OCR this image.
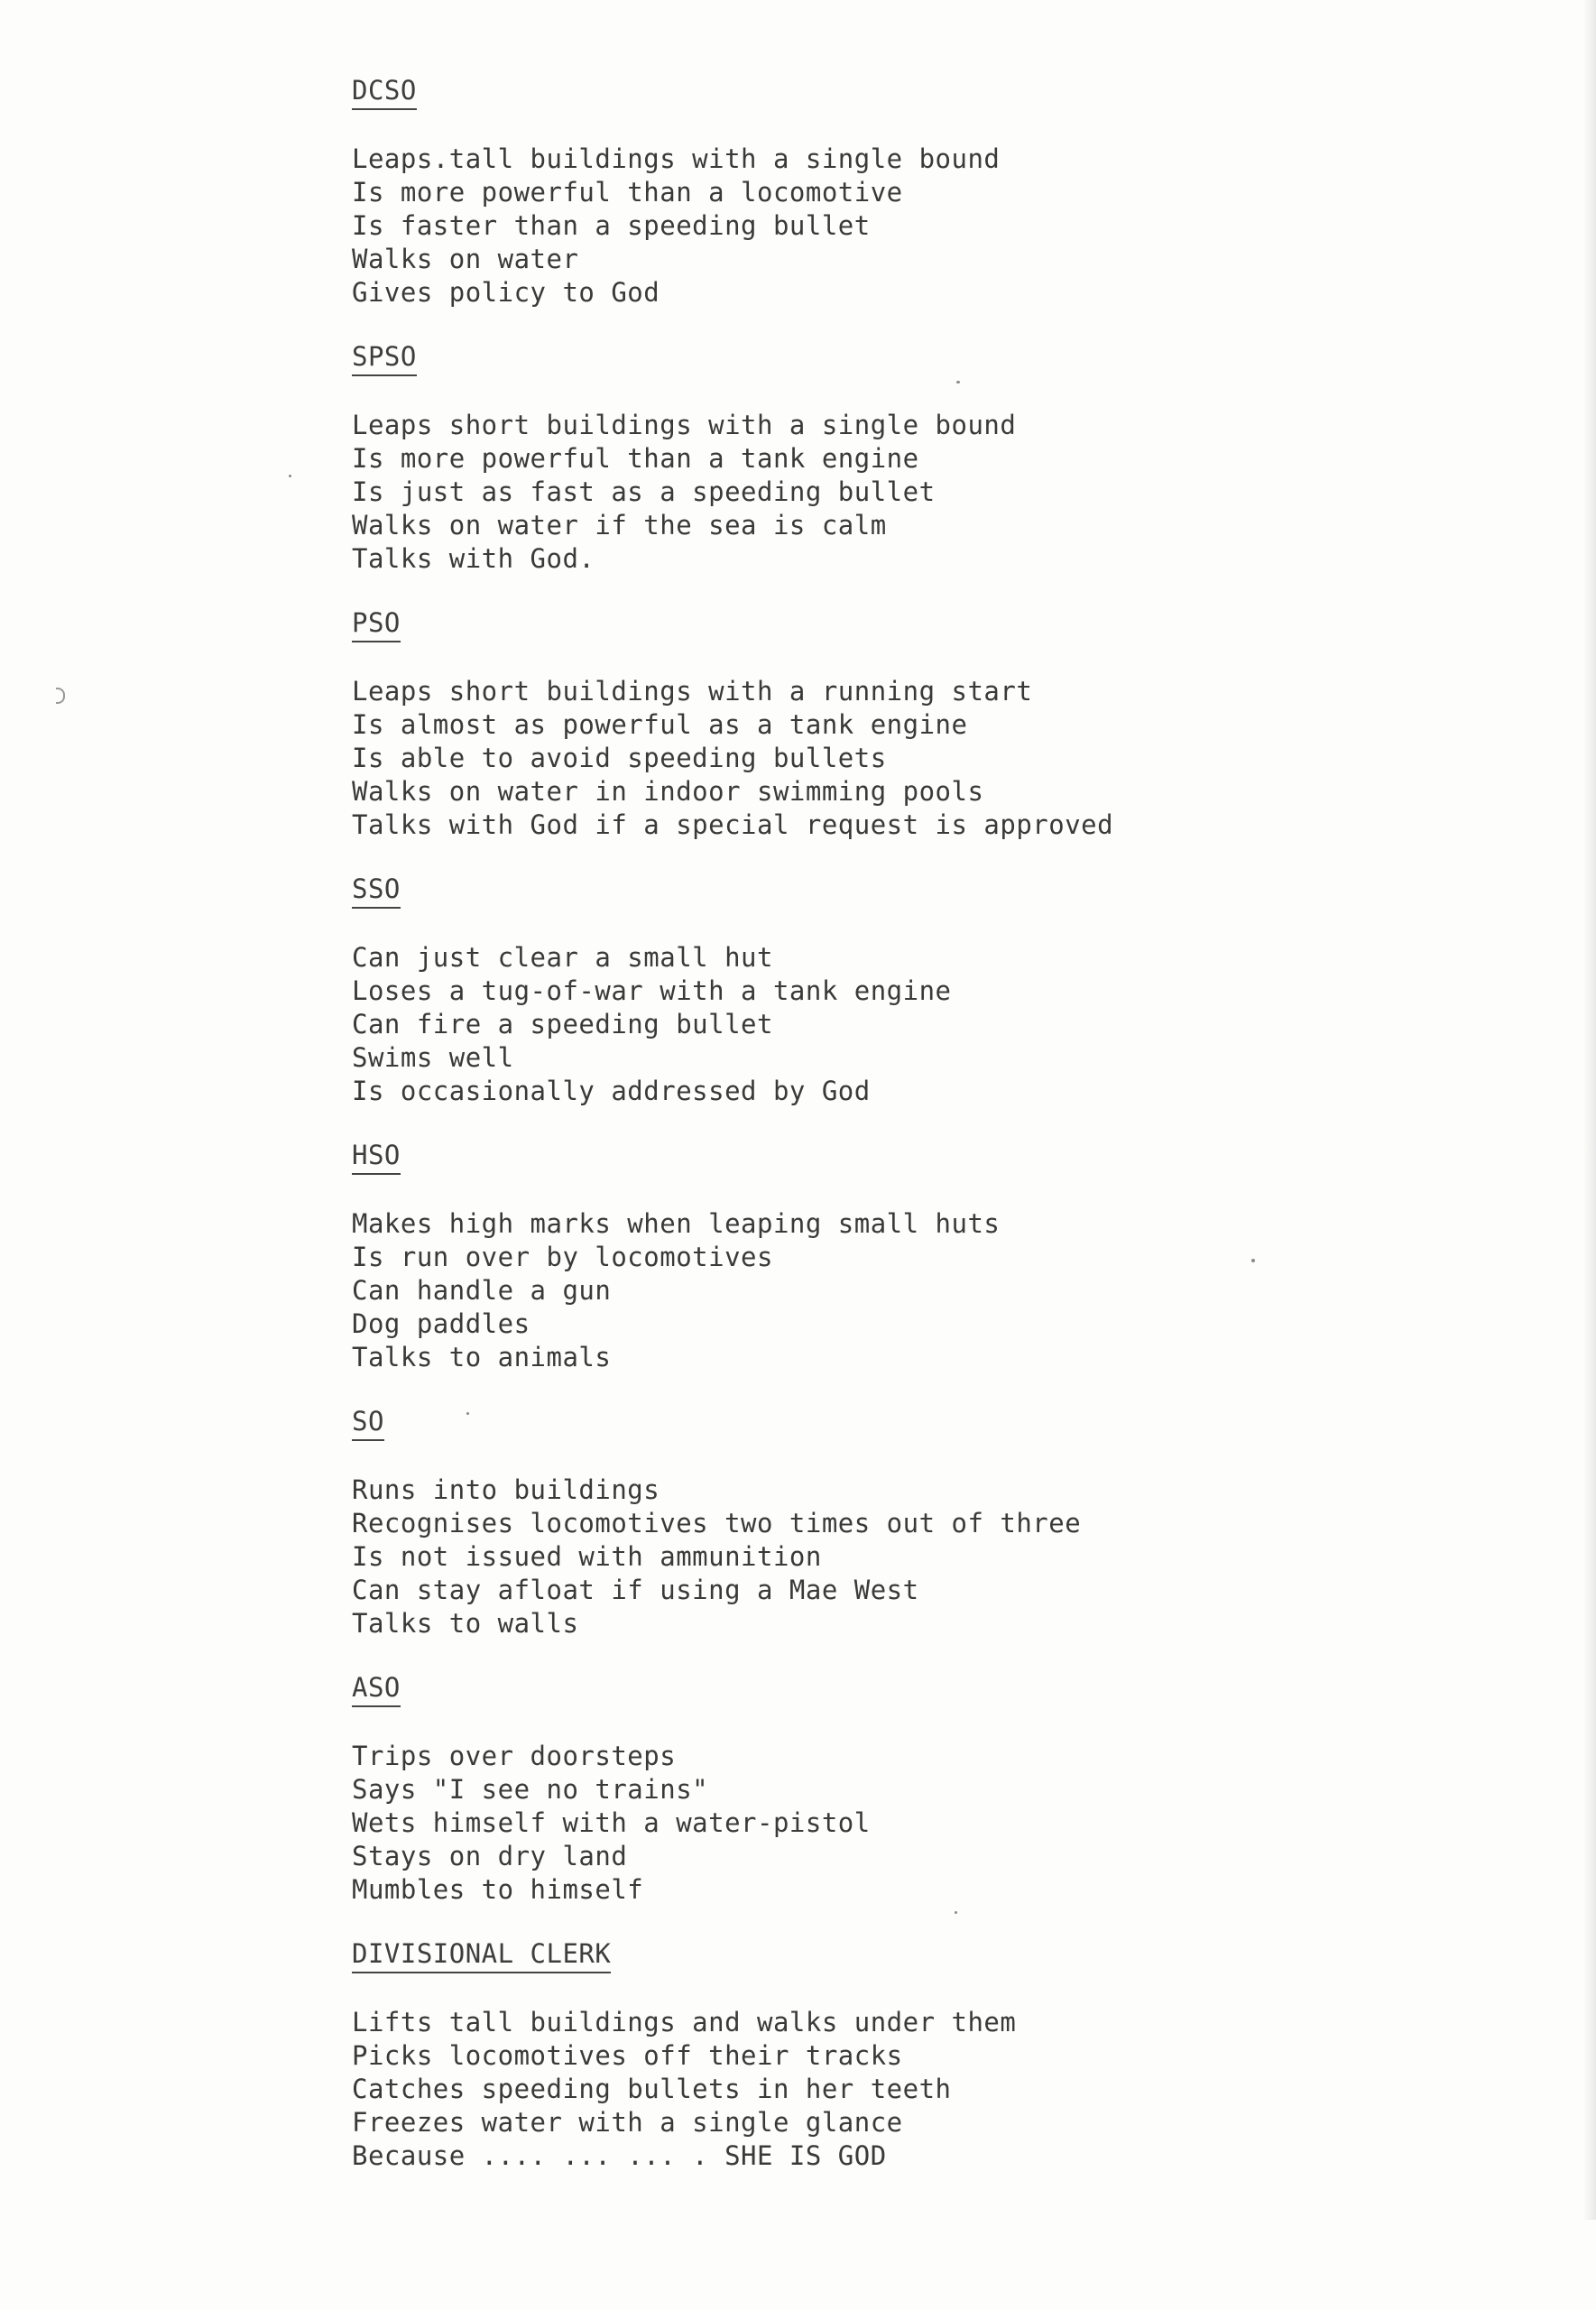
DCSO
Leaps.tall buildings with a single bound
Is more powerful than a locomotive
Is faster than a speeding bullet
Walks on water
Gives policy to God
SPSO
Leaps short buildings with a single bound
Is more powerful than a tank engine
Is just as fast as a speeding bullet
Walks on water if the sea is calm
Talks with God.
PSO
Leaps short buildings with a running start
Is almost as powerful as a tank engine
Is able to avoid speeding bullets
Walks on water in indoor swimming pools
Talks with God if a special request is approved
SSO
Can just clear a small hut
Loses a tug-of-war with a tank engine
Can fire a speeding bullet
Swims well
Is occasionally addressed by God
HSO
Makes high marks when leaping small huts
Is run over by locomotives
Can handle a gun
Dog paddles
Talks to animals
SO
Runs into buildings
Recognises locomotives two times out of three
Is not issued with ammunition
Can stay afloat if using a Mae West
Talks to walls
ASO
Trips over doorsteps
Says "I see no trains"
Wets himself with a water-pistol
Stays on dry land
Mumbles to himself
DIVISIONAL CLERK
Lifts tall buildings and walks under them
Picks locomotives off their tracks
Catches speeding bullets in her teeth
Freezes water with a single glance
Because .... ... ... . SHE IS GOD
